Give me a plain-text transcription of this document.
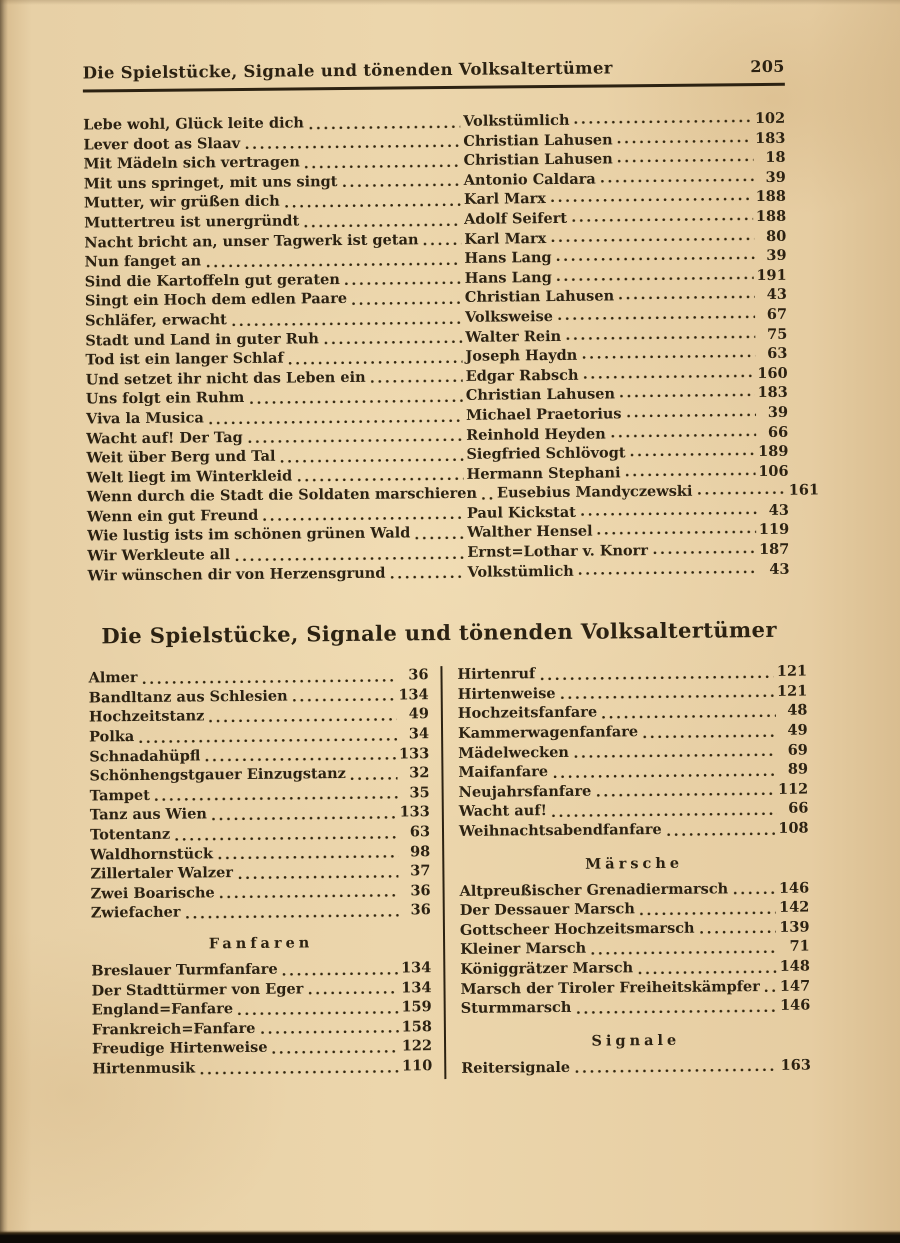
Die Spielstücke, Signale und tönenden Volksaltertümer	205
Lebe wohl, Glück leite dich	Volkstümlich	102
Lever doot as Slaav	Christian Lahusen	183
Mit Mädeln sich vertragen	Christian Lahusen	18
Mit uns springet, mit uns singt	Antonio Caldara	39
Mutter, wir grüßen dich	Karl Marx	188
Muttertreu ist unergründt	Adolf Seifert	188
Nacht bricht an, unser Tagwerk ist getan	Karl Marx	80
Nun fanget an	Hans Lang	39
Sind die Kartoffeln gut geraten	Hans Lang	191
Singt ein Hoch dem edlen Paare	Christian Lahusen	43
Schläfer, erwacht	Volksweise	67
Stadt und Land in guter Ruh	Walter Rein	75
Tod ist ein langer Schlaf	Joseph Haydn	63
Und setzet ihr nicht das Leben ein	Edgar Rabsch	160
Uns folgt ein Ruhm	Christian Lahusen	183
Viva la Musica	Michael Praetorius	39
Wacht auf! Der Tag	Reinhold Heyden	66
Weit über Berg und Tal	Siegfried Schlövogt	189
Welt liegt im Winterkleid	Hermann Stephani	106
Wenn durch die Stadt die Soldaten marschieren Eusebius Mandyczewski	161
Wenn ein gut Freund	Paul Kickstat	43
Wie lustig ists im schönen grünen Wald	Walther Hensel	119
Wir Werkleute all	Ernst=Lothar v. Knorr	187
Wir wünschen dir von Herzensgrund	Volkstümlich	43
Die Spielstücke, Signale und tönenden Volksaltertümer
Almer	36
Bandltanz aus Schlesien	134
Hochzeitstanz	49
Polka	34
Schnadahüpfl	133
Schönhengstgauer Einzugstanz	32
Tampet	35
Tanz aus Wien	133
Totentanz	63
Waldhornstück	98
Zillertaler Walzer	37
Zwei Boarische	36
Zwiefacher	36
Fanfaren
Breslauer Turmfanfare	134
Der Stadttürmer von Eger	134
England=Fanfare	159
Frankreich=Fanfare	158
Freudige Hirtenweise	122
Hirtenmusik	110
Hirtenruf	121
Hirtenweise	121
Hochzeitsfanfare	48
Kammerwagenfanfare	49
Mädelwecken	69
Maifanfare	89
Neujahrsfanfare	112
Wacht auf!	66
Weihnachtsabendfanfare	108
Märsche
Altpreußischer Grenadiermarsch	146
Der Dessauer Marsch	142
Gottscheer Hochzeitsmarsch	139
Kleiner Marsch	71
Königgrätzer Marsch	148
Marsch der Tiroler Freiheitskämpfer 147
Sturmmarsch	146
Signale
Reitersignale	163
